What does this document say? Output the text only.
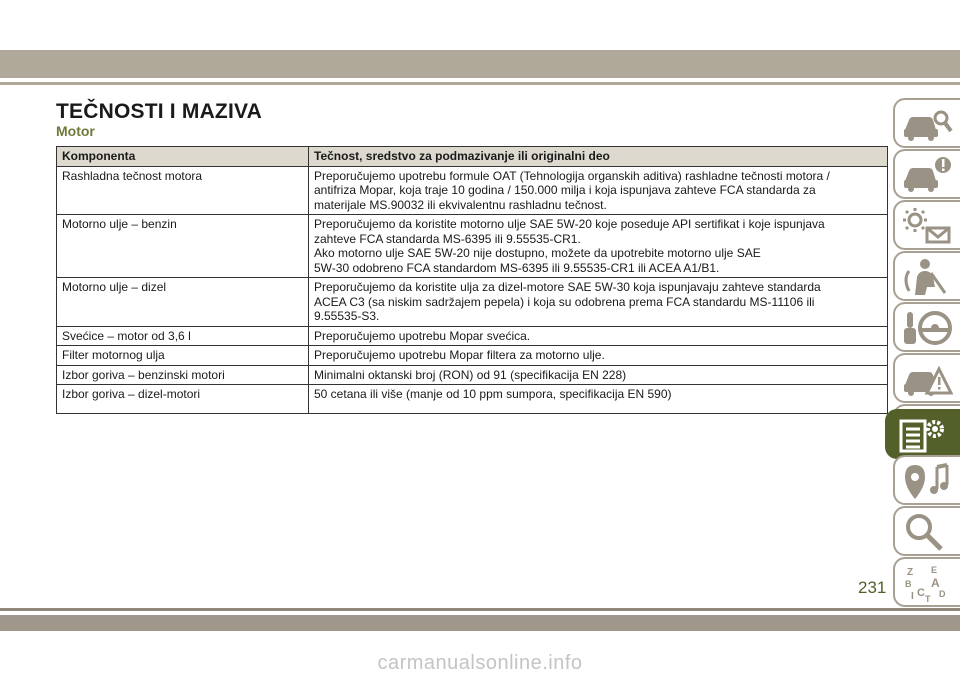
TEČNOSTI I MAZIVA
Motor
Komponenta	Tečnost, sredstvo za podmazivanje ili originalni deo
Rashladna tečnost motora	Preporučujemo upotrebu formule OAT (Tehnologija organskih aditiva) rashladne tečnosti motora /
antifriza Mopar, koja traje 10 godina / 150.000 milja i koja ispunjava zahteve FCA standarda za
materijale MS.90032 ili ekvivalentnu rashladnu tečnost.

Motorno ulje – benzin	Preporučujemo da koristite motorno ulje SAE 5W-20 koje poseduje API sertifikat i koje ispunjava
zahteve FCA standarda MS-6395 ili 9.55535-CR1.
Ako motorno ulje SAE 5W-20 nije dostupno, možete da upotrebite motorno ulje SAE
5W-30 odobreno FCA standardom MS-6395 ili 9.55535-CR1 ili ACEA A1/B1.

Motorno ulje – dizel	Preporučujemo da koristite ulja za dizel-motore SAE 5W-30 koja ispunjavaju zahteve standarda
ACEA C3 (sa niskim sadržajem pepela) i koja su odobrena prema FCA standardu MS-11106 ili
9.55535-S3.

Svećice – motor od 3,6 l	Preporučujemo upotrebu Mopar svećica.

Filter motornog ulja	Preporučujemo upotrebu Mopar filtera za motorno ulje.

Izbor goriva – benzinski motori	Minimalni oktanski broj (RON) od 91 (specifikacija EN 228)

Izbor goriva – dizel-motori	50 cetana ili više (manje od 10 ppm sumpora, specifikacija EN 590)
Z E
B A
I C T D
231
carmanualsonline.info
